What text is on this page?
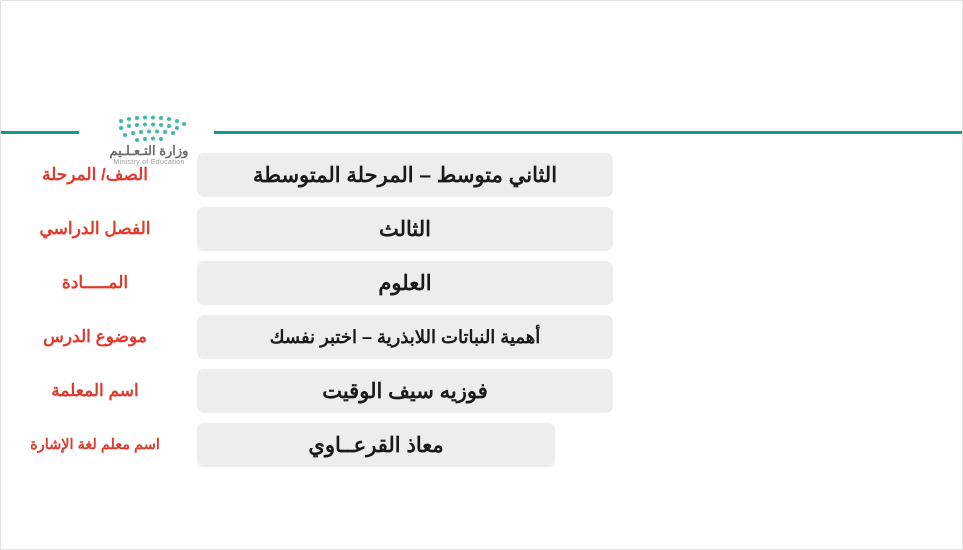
وزارة التـعـلـيم
Ministry of Education
الثاني متوسط – المرحلة المتوسطة
الصف/ المرحلة
الثالث
الفصل الدراسي
العلوم
المـــــادة
أهمية النباتات اللابذرية – اختبر نفسك
موضوع الدرس
فوزيه سيف الوقيت
اسم المعلمة
معاذ القرعــاوي
اسم معلم لغة الإشارة
